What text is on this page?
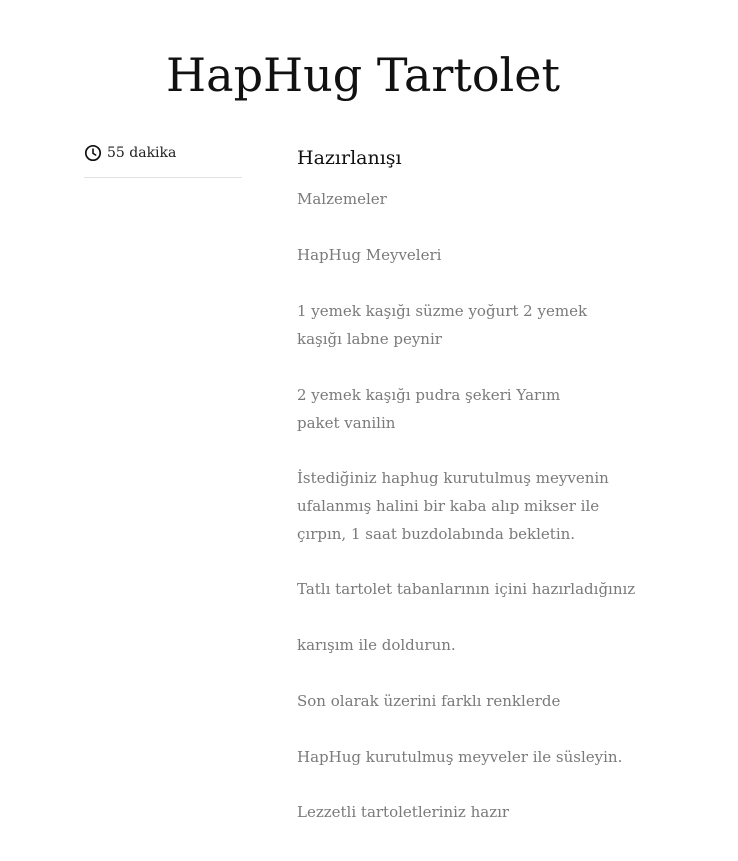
HapHug Tartolet
55 dakika	Hazırlanışı

Malzemeler

HapHug Meyveleri

1 yemek kaşığı süzme yoğurt 2 yemek kaşığı labne peynir

2 yemek kaşığı pudra şekeri Yarım paket vanilin

İstediğiniz haphug kurutulmuş meyvenin ufalanmış halini bir kaba alıp mikser ile çırpın, 1 saat buzdolabında bekletin.

Tatlı tartolet tabanlarının içini hazırladığınız

karışım ile doldurun.

Son olarak üzerini farklı renklerde

HapHug kurutulmuş meyveler ile süsleyin.

Lezzetli tartoletleriniz hazır
